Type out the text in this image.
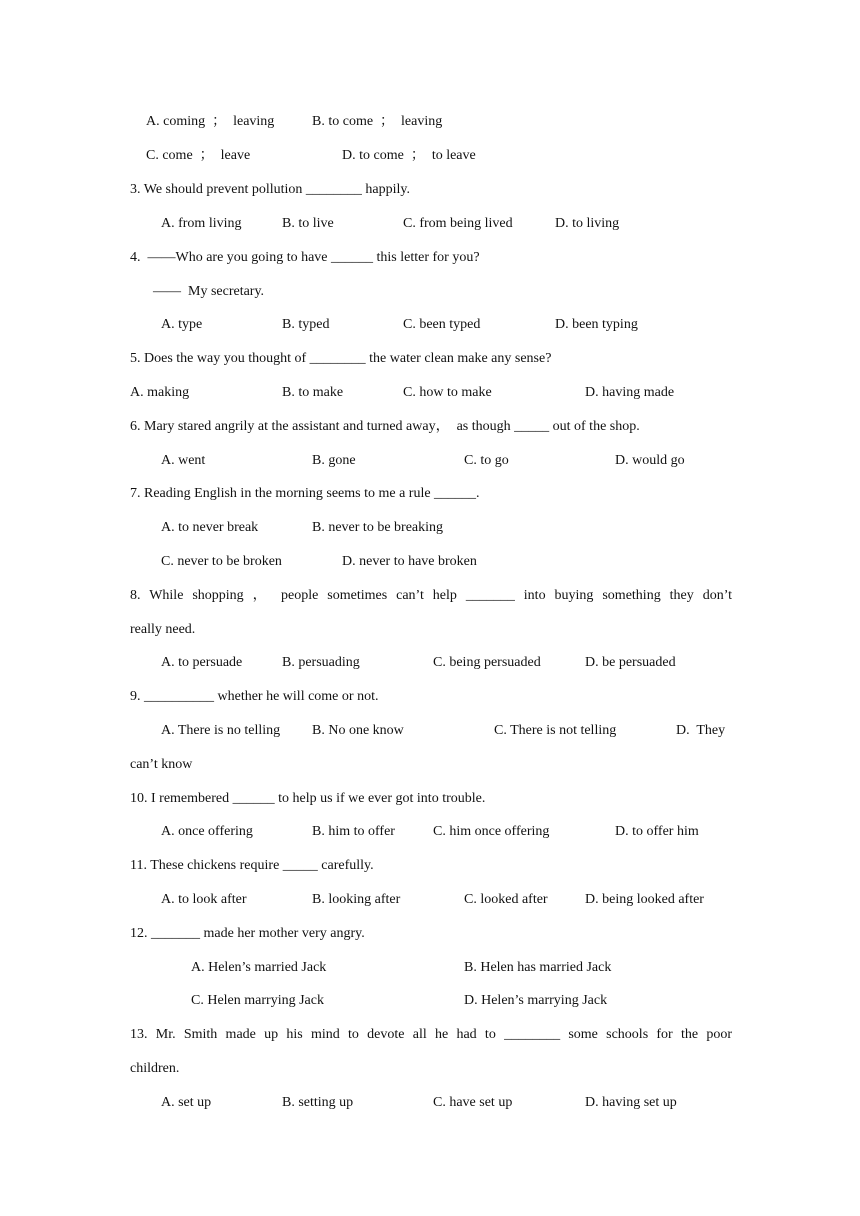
A. coming  ；  leaving	B. to come  ；  leaving
C. come  ；  leave	D. to come  ；  to leave
3. We should prevent pollution ________ happily.
A. from living	B. to live	C. from being lived	D. to living
4.  ——Who are you going to have ______ this letter for you?
——  My secretary.
A. type	B. typed	C. been typed	D. been typing
5. Does the way you thought of ________ the water clean make any sense?
A. making	B. to make	C. how to make	D. having made
6. Mary stared angrily at the assistant and turned away，  as though _____ out of the shop.
A. went	B. gone	C. to go	D. would go
7. Reading English in the morning seems to me a rule ______.
A. to never break	B. never to be breaking
C. never to be broken	D. never to have broken
8. While shopping ， people sometimes can’t help _______ into buying something they don’t
really need.
A. to persuade	B. persuading	C. being persuaded	D. be persuaded
9. __________ whether he will come or not.
A. There is no telling B. No one know	C. There is not telling	D.  They
can’t know
10. I remembered ______ to help us if we ever got into trouble.
A. once offering	B. him to offer	C. him once offering	D. to offer him
11. These chickens require _____ carefully.
A. to look after	B. looking after	C. looked after	D. being looked after
12. _______ made her mother very angry.
A. Helen’s married Jack	B. Helen has married Jack
C. Helen marrying Jack	D. Helen’s marrying Jack
13. Mr. Smith made up his mind to devote all he had to ________ some schools for the poor
children.
A. set up	B. setting up	C. have set up	D. having set up
